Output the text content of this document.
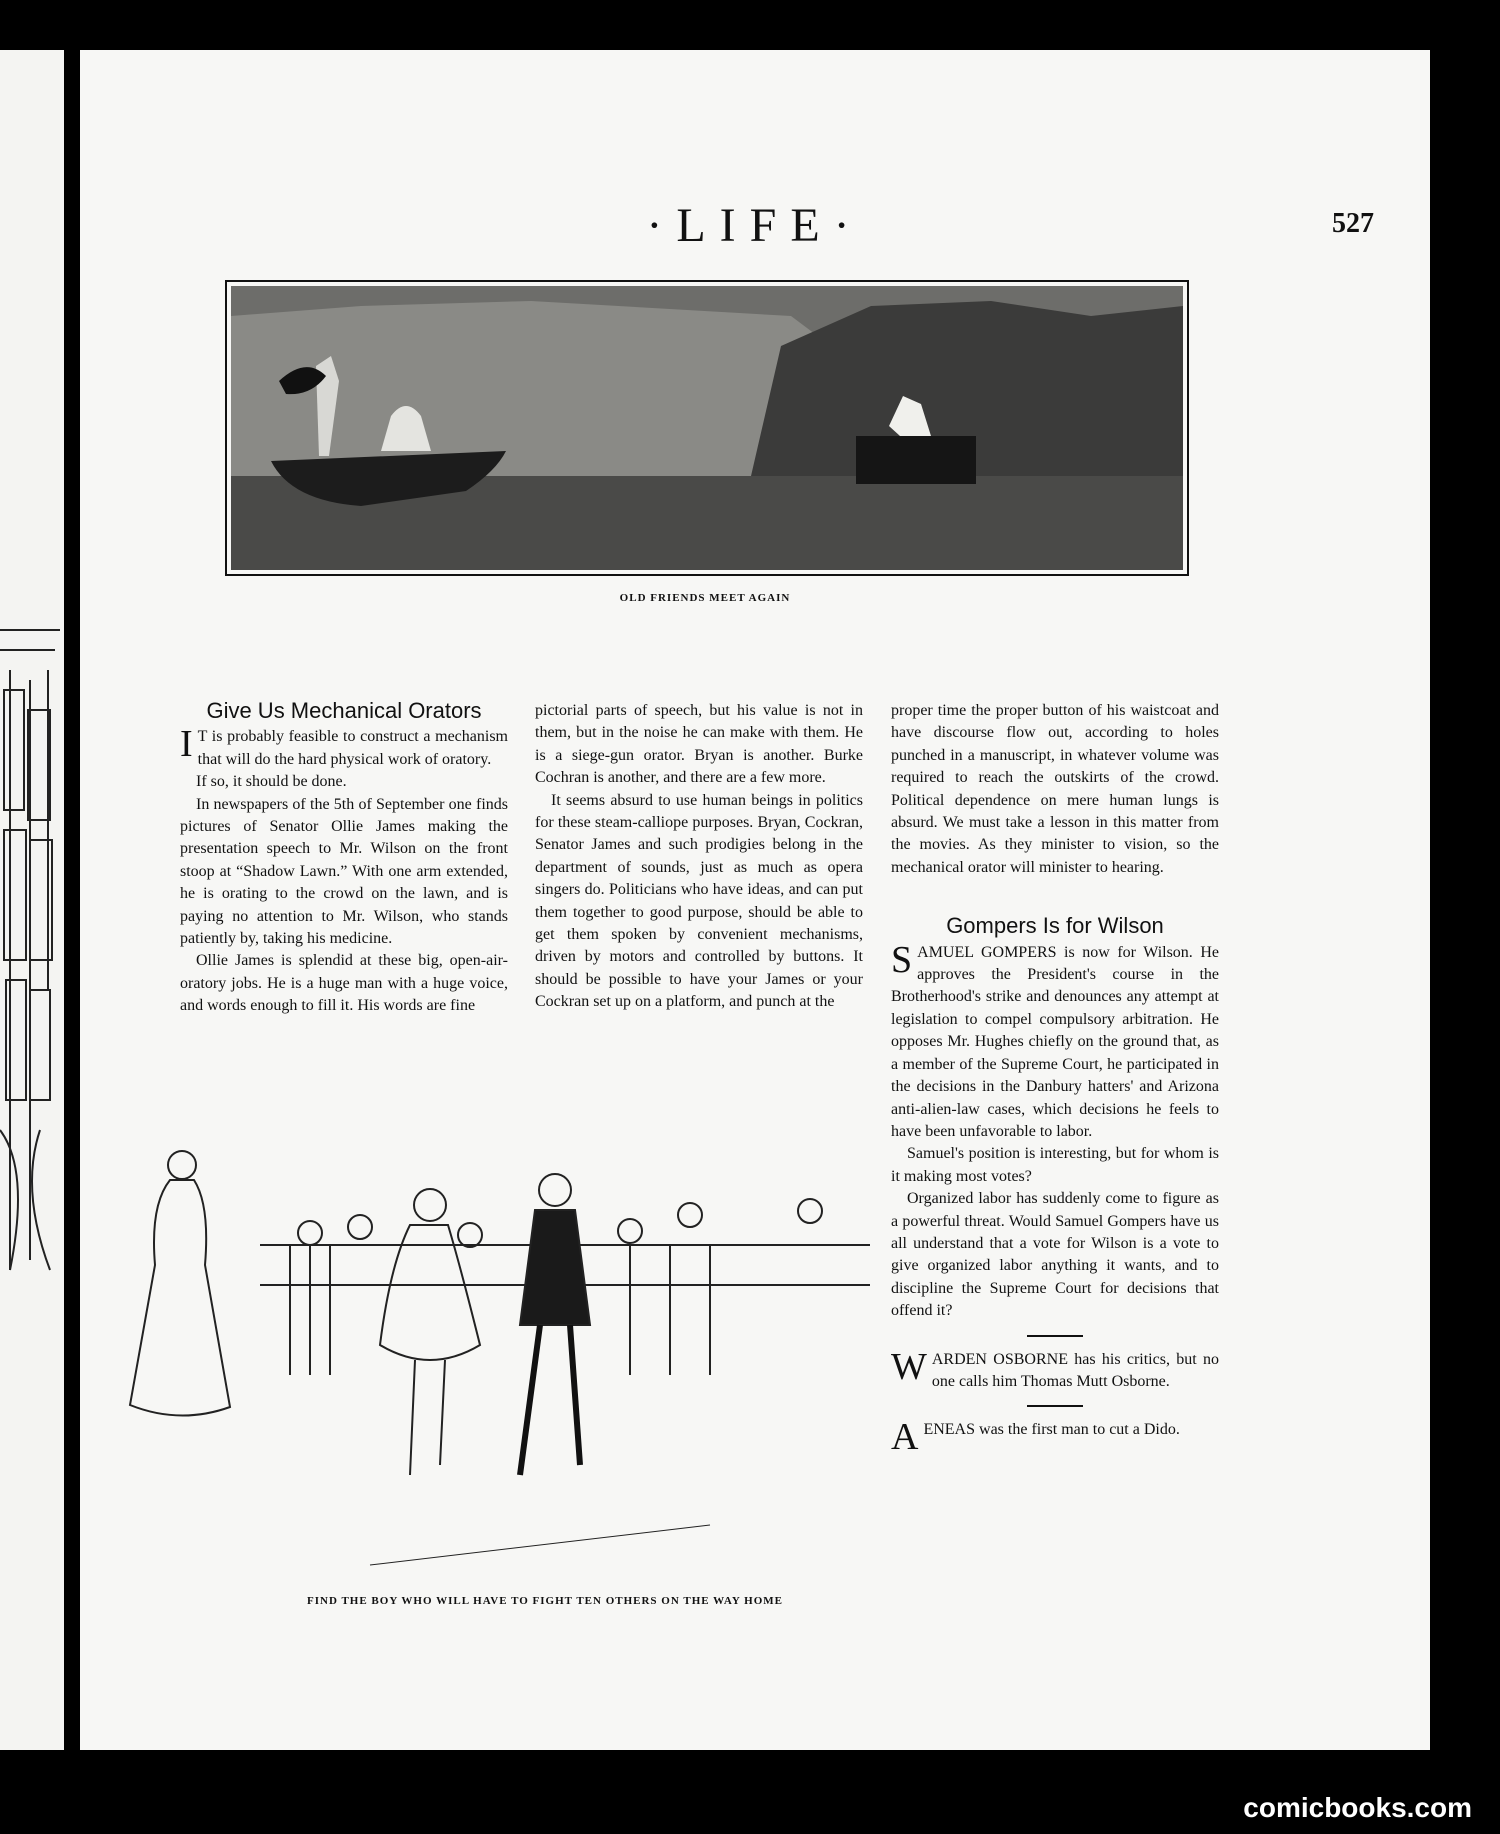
·LIFE·	527
OLD FRIENDS MEET AGAIN
Give Us Mechanical Orators

I T is probably feasible to construct a mechanism that will do the hard physical work of oratory.

If so, it should be done.

In newspapers of the 5th of September one finds pictures of Senator Ollie James making the presentation speech to Mr. Wilson on the front stoop at “Shadow Lawn.” With one arm extended, he is orating to the crowd on the lawn, and is paying no attention to Mr. Wilson, who stands patiently by, taking his medicine.

Ollie James is splendid at these big, open-air-oratory jobs. He is a huge man with a huge voice, and words enough to fill it. His words are fine

pictorial parts of speech, but his value is not in them, but in the noise he can make with them. He is a siege-gun orator. Bryan is another. Burke Cochran is another, and there are a few more.

It seems absurd to use human beings in politics for these steam-calliope purposes. Bryan, Cockran, Senator James and such prodigies belong in the department of sounds, just as much as opera singers do. Politicians who have ideas, and can put them together to good purpose, should be able to get them spoken by convenient mechanisms, driven by motors and controlled by buttons. It should be possible to have your James or your Cockran set up on a platform, and punch at the

proper time the proper button of his waistcoat and have discourse flow out, according to holes punched in a manuscript, in whatever volume was required to reach the outskirts of the crowd. Political dependence on mere human lungs is absurd. We must take a lesson in this matter from the movies. As they minister to vision, so the mechanical orator will minister to hearing.

Gompers Is for Wilson

SAMUEL GOMPERS is now for Wilson. He approves the President's course in the Brotherhood's strike and denounces any attempt at legislation to compel compulsory arbitration. He opposes Mr. Hughes chiefly on the ground that, as a member of the Supreme Court, he participated in the decisions in the Danbury hatters' and Arizona anti-alien-law cases, which decisions he feels to have been unfavorable to labor.

Samuel's position is interesting, but for whom is it making most votes?

Organized labor has suddenly come to figure as a powerful threat. Would Samuel Gompers have us all understand that a vote for Wilson is a vote to give organized labor anything it wants, and to discipline the Supreme Court for decisions that offend it?

WARDEN OSBORNE has his critics, but no one calls him Thomas Mutt Osborne.

AENEAS was the first man to cut a Dido.

FIND THE BOY WHO WILL HAVE TO FIGHT TEN OTHERS ON THE WAY HOME
comicbooks.com
